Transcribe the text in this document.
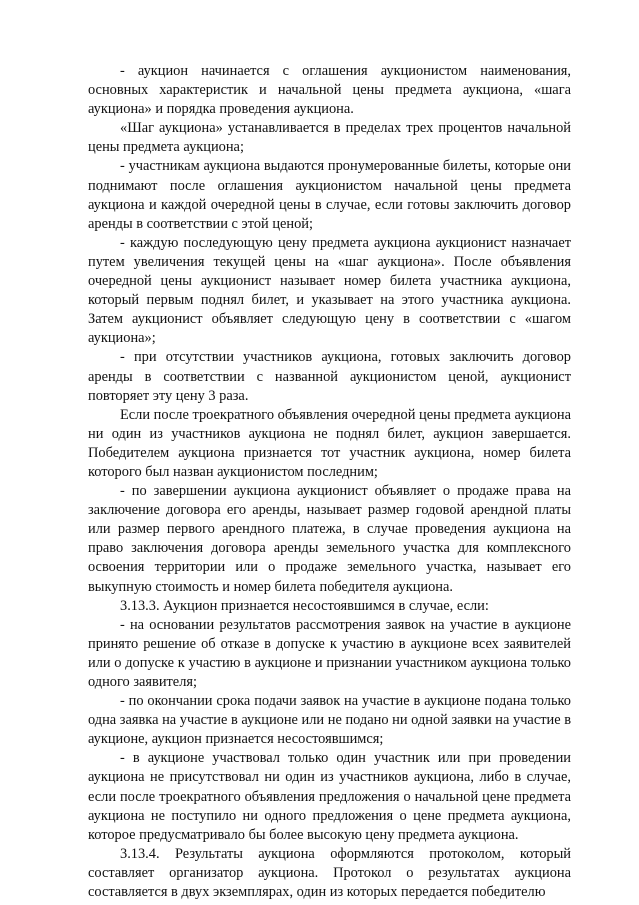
- аукцион начинается с оглашения аукционистом наименования, основных характеристик и начальной цены предмета аукциона, «шага аукциона» и порядка проведения аукциона.

«Шаг аукциона» устанавливается в пределах трех процентов начальной цены предмета аукциона;

- участникам аукциона выдаются пронумерованные билеты, которые они поднимают после оглашения аукционистом начальной цены предмета аукциона и каждой очередной цены в случае, если готовы заключить договор аренды в соответствии с этой ценой;

- каждую последующую цену предмета аукциона аукционист назначает путем увеличения текущей цены на «шаг аукциона». После объявления очередной цены аукционист называет номер билета участника аукциона, который первым поднял билет, и указывает на этого участника аукциона. Затем аукционист объявляет следующую цену в соответствии с «шагом аукциона»;

- при отсутствии участников аукциона, готовых заключить договор аренды в соответствии с названной аукционистом ценой, аукционист повторяет эту цену 3 раза.

Если после троекратного объявления очередной цены предмета аукциона ни один из участников аукциона не поднял билет, аукцион завершается. Победителем аукциона признается тот участник аукциона, номер билета которого был назван аукционистом последним;

- по завершении аукциона аукционист объявляет о продаже права на заключение договора его аренды, называет размер годовой арендной платы или размер первого арендного платежа, в случае проведения аукциона на право заключения договора аренды земельного участка для комплексного освоения территории или о продаже земельного участка, называет его выкупную стоимость и номер билета победителя аукциона.

3.13.3. Аукцион признается несостоявшимся в случае, если:

- на основании результатов рассмотрения заявок на участие в аукционе принято решение об отказе в допуске к участию в аукционе всех заявителей или о допуске к участию в аукционе и признании участником аукциона только одного заявителя;

- по окончании срока подачи заявок на участие в аукционе подана только одна заявка на участие в аукционе или не подано ни одной заявки на участие в аукционе, аукцион признается несостоявшимся;

- в аукционе участвовал только один участник или при проведении аукциона не присутствовал ни один из участников аукциона, либо в случае, если после троекратного объявления предложения о начальной цене предмета аукциона не поступило ни одного предложения о цене предмета аукциона, которое предусматривало бы более высокую цену предмета аукциона.

3.13.4. Результаты аукциона оформляются протоколом, который составляет организатор аукциона. Протокол о результатах аукциона составляется в двух экземплярах, один из которых передается победителю
